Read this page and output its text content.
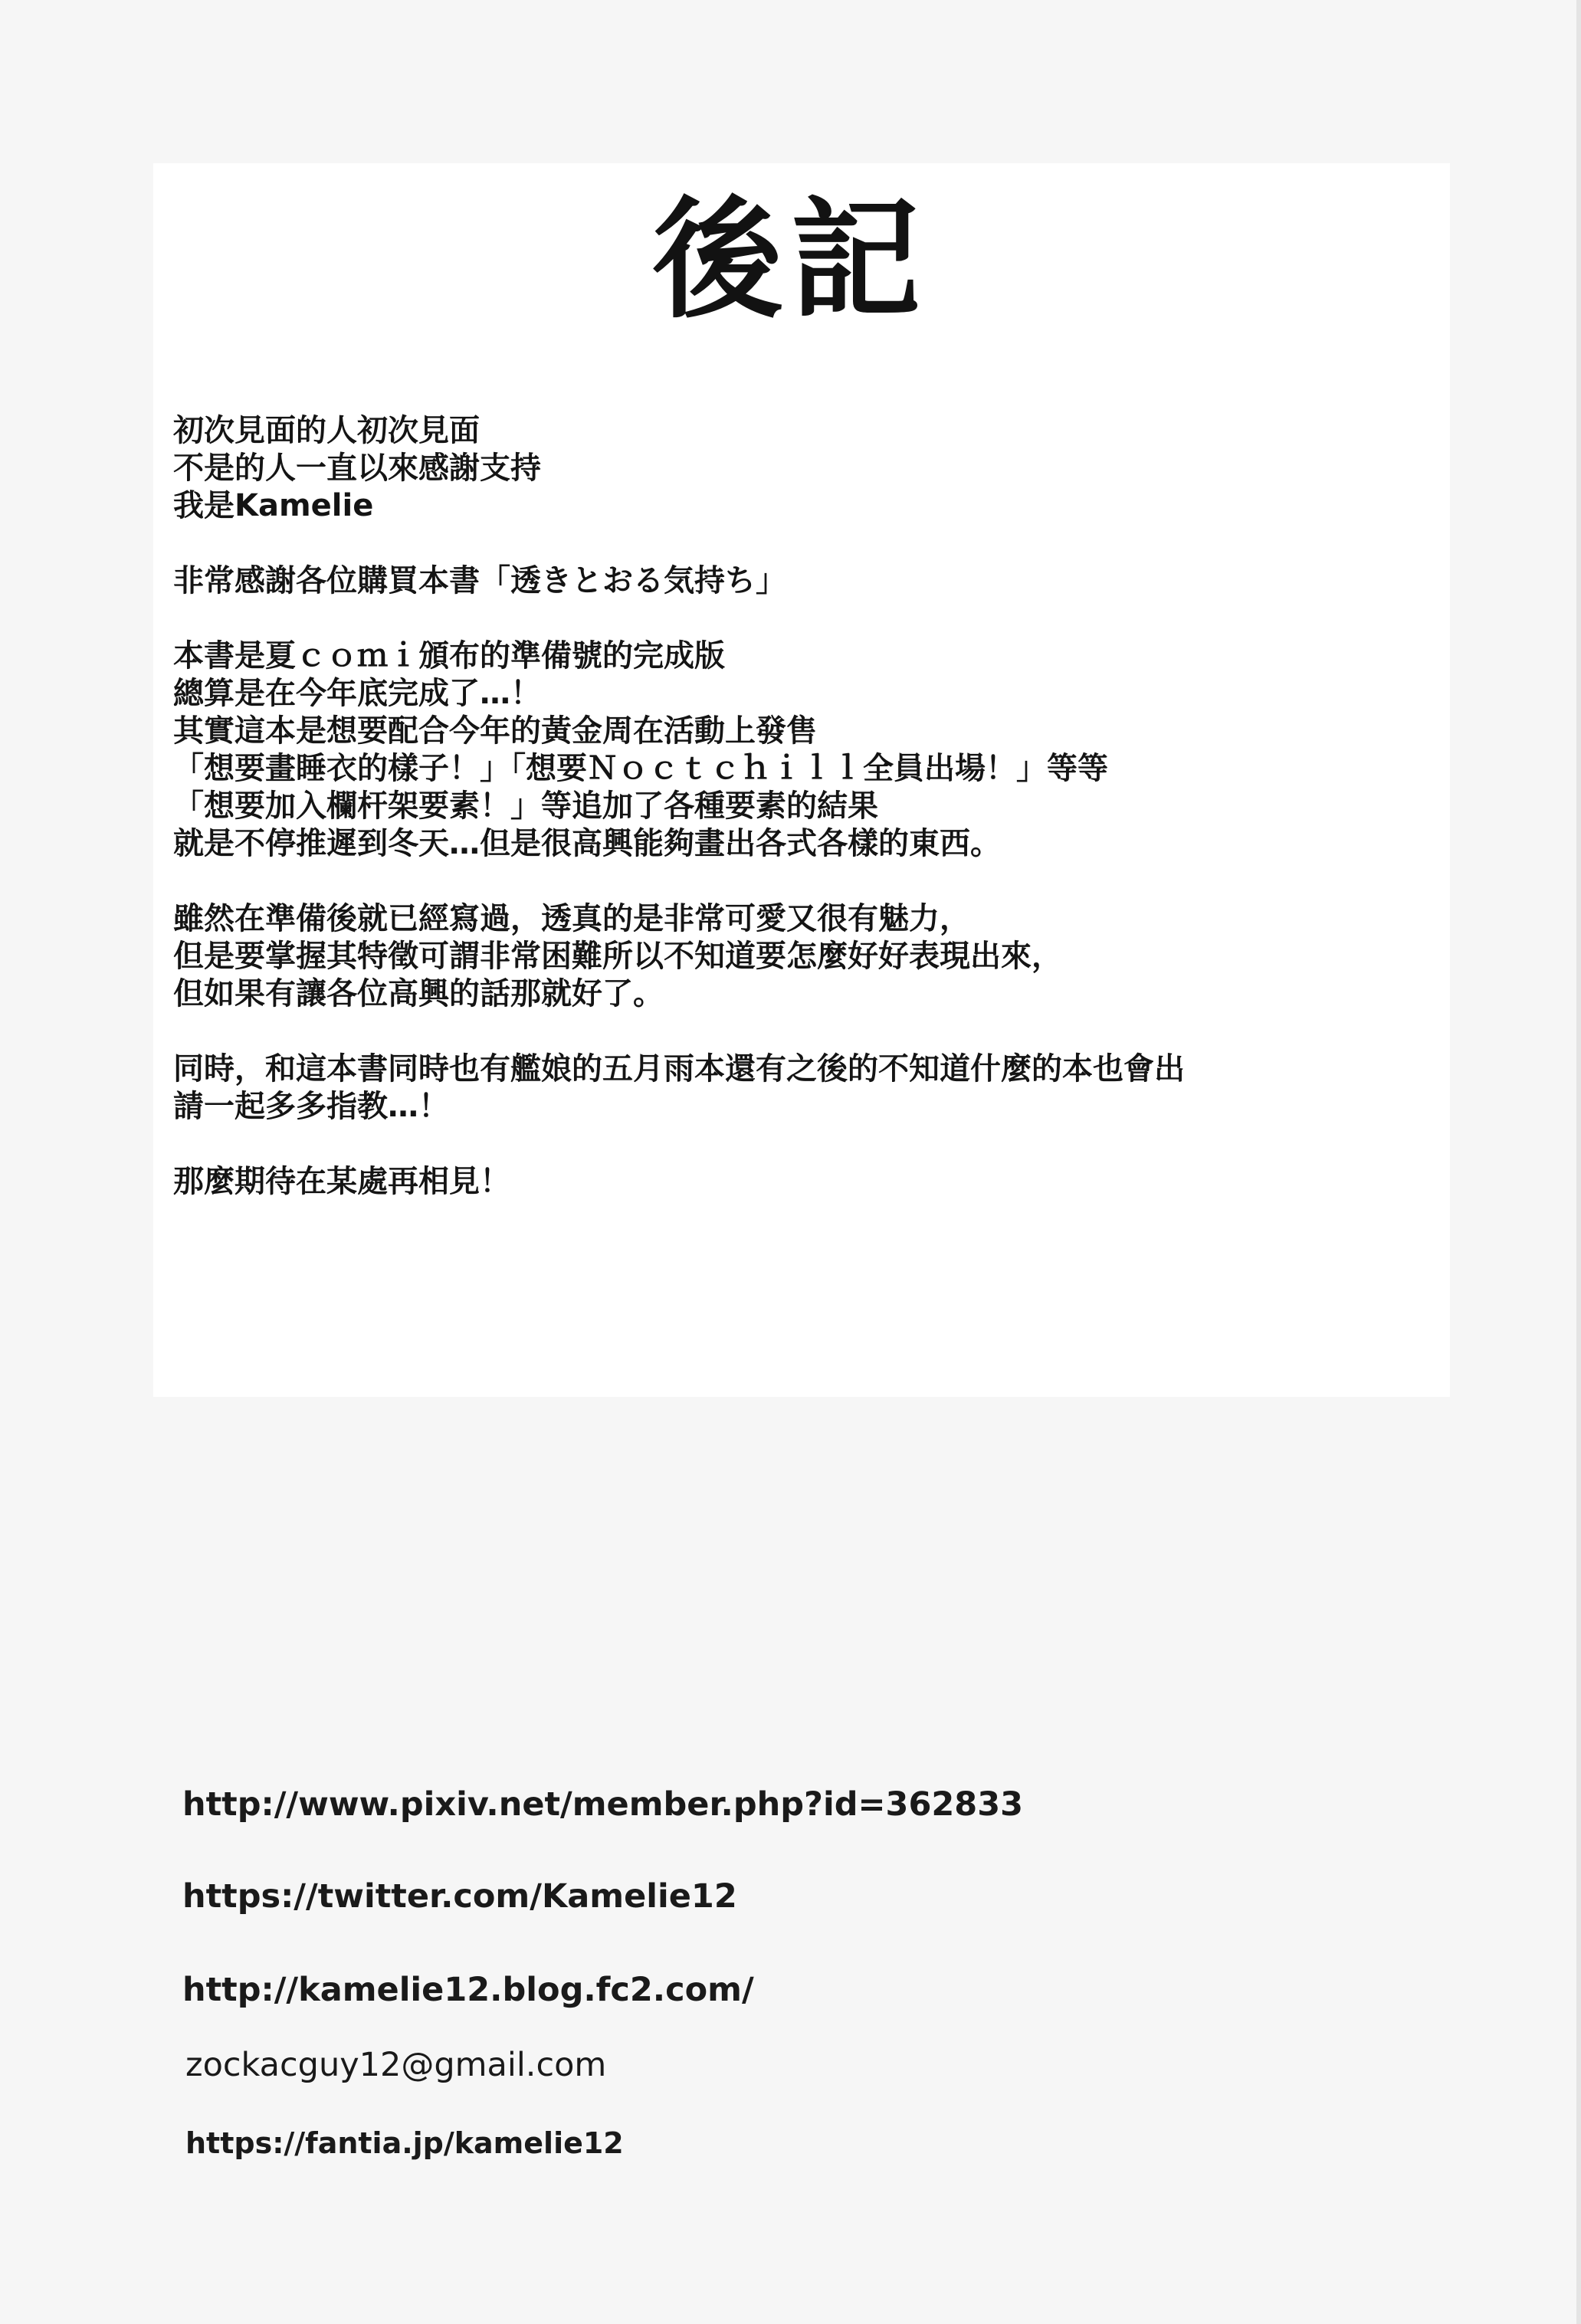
後記

初次見面的人初次見面
不是的人一直以來感謝支持
我是Kamelie

非常感謝各位購買本書「透きとおる気持ち」

本書是夏ｃｏｍｉ頒布的準備號的完成版
總算是在今年底完成了…！
其實這本是想要配合今年的黃金周在活動上發售
「想要畫睡衣的樣子！」「想要Ｎｏｃｔｃｈｉｌｌ全員出場！」等等
「想要加入欄杆架要素！」等追加了各種要素的結果
就是不停推遲到冬天…但是很高興能夠畫出各式各樣的東西。

雖然在準備後就已經寫過，透真的是非常可愛又很有魅力，
但是要掌握其特徵可謂非常困難所以不知道要怎麼好好表現出來，
但如果有讓各位高興的話那就好了。

同時，和這本書同時也有艦娘的五月雨本還有之後的不知道什麼的本也會出
請一起多多指教…！

那麼期待在某處再相見！

http://www.pixiv.net/member.php?id=362833
https://twitter.com/Kamelie12
http://kamelie12.blog.fc2.com/
zockacguy12@gmail.com
https://fantia.jp/kamelie12
